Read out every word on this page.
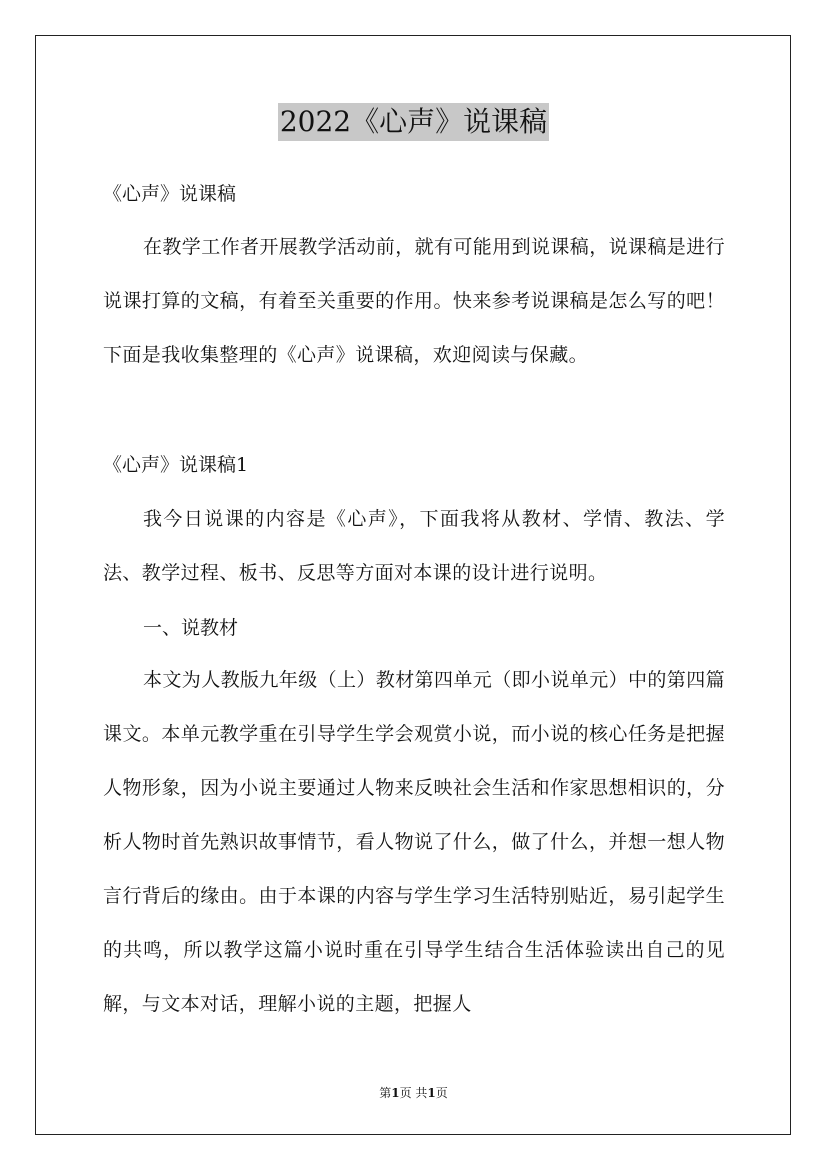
2022《心声》说课稿
《心声》说课稿

在教学工作者开展教学活动前，就有可能用到说课稿，说课稿是进行说课打算的文稿，有着至关重要的作用。快来参考说课稿是怎么写的吧！下面是我收集整理的《心声》说课稿，欢迎阅读与保藏。

《心声》说课稿1

我今日说课的内容是《心声》，下面我将从教材、学情、教法、学法、教学过程、板书、反思等方面对本课的设计进行说明。

一、说教材

本文为人教版九年级（上）教材第四单元（即小说单元）中的第四篇课文。本单元教学重在引导学生学会观赏小说，而小说的核心任务是把握人物形象，因为小说主要通过人物来反映社会生活和作家思想相识的，分析人物时首先熟识故事情节，看人物说了什么，做了什么，并想一想人物言行背后的缘由。由于本课的内容与学生学习生活特别贴近，易引起学生的共鸣，所以教学这篇小说时重在引导学生结合生活体验读出自己的见解，与文本对话，理解小说的主题，把握人

第1页 共1页
